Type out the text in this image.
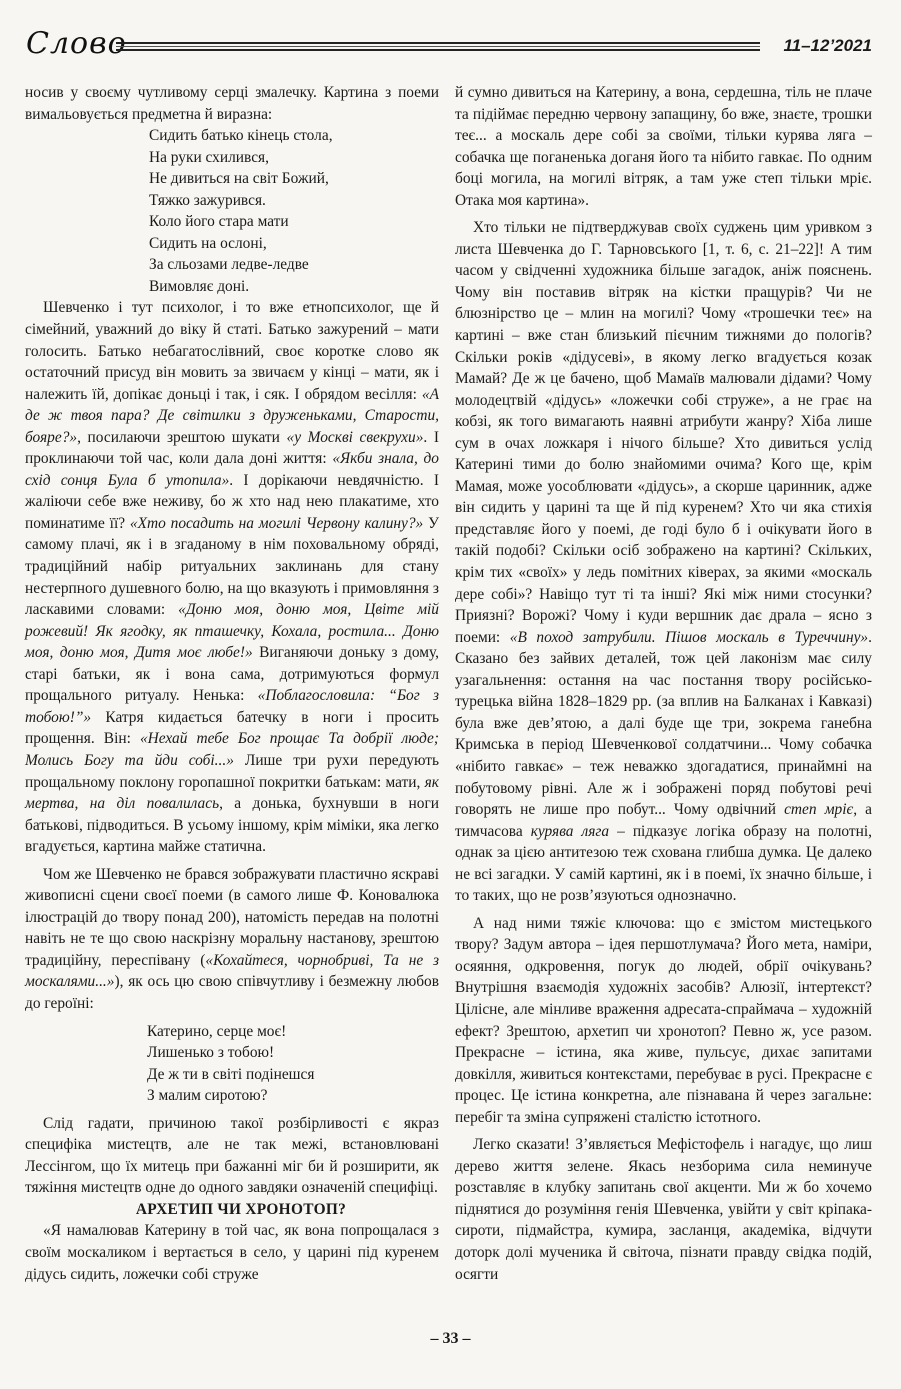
Слово	11–12’2021

носив у своєму чутливому серці змалечку. Картина з поеми вимальовується предметна й виразна:

Сидить батько кінець стола,
На руки схилився,
Не дивиться на світ Божий,
Тяжко зажурився.
Коло його стара мати
Сидить на ослоні,
За сльозами ледве-ледве
Вимовляє доні.

Шевченко і тут психолог, і то вже етнопсихолог, ще й сімейний, уважний до віку й статі. Батько зажурений – мати голосить. Батько небагатослівний, своє коротке слово як остаточний присуд він мовить за звичаєм у кінці – мати, як і належить їй, допікає доньці і так, і сяк. І обрядом весілля: «А де ж твоя пара? Де світилки з друженьками, Старости, бояре?», посилаючи зрештою шукати «у Москві свекрухи». І проклинаючи той час, коли дала доні життя: «Якби знала, до схід сонця Була б утопила». І дорікаючи невдячністю. І жаліючи себе вже неживу, бо ж хто над нею плакатиме, хто поминатиме її? «Хто посадить на могилі Червону калину?» У самому плачі, як і в згаданому в нім поховальному обряді, традиційний набір ритуальних заклинань для стану нестерпного душевного болю, на що вказують і примовляння з ласкавими словами: «Доню моя, доню моя, Цвіте мій рожевий! Як ягодку, як пташечку, Кохала, ростила... Доню моя, доню моя, Дитя моє любе!» Виганяючи доньку з дому, старі батьки, як і вона сама, дотримуються формул прощального ритуалу. Ненька: «Поблагословила: “Бог з тобою!”» Катря кидається батечку в ноги і просить прощення. Він: «Нехай тебе Бог прощає Та добрії люде; Молись Богу та йди собі...» Лише три рухи передують прощальному поклону горопашної покритки батькам: мати, як мертва, на діл повалилась, а донька, бухнувши в ноги батькові, підводиться. В усьому іншому, крім міміки, яка легко вгадується, картина майже статична.

Чом же Шевченко не брався зображувати пластично яскраві живописні сцени своєї поеми (в самого лише Ф. Коновалюка ілюстрацій до твору понад 200), натомість передав на полотні навіть не те що свою наскрізну моральну настанову, зрештою традиційну, переспівану («Кохайтеся, чорнобриві, Та не з москалями...»), як ось цю свою співчутливу і безмежну любов до героїні:

Катерино, серце моє!
Лишенько з тобою!
Де ж ти в світі подінешся
З малим сиротою?

Слід гадати, причиною такої розбірливості є якраз специфіка мистецтв, але не так межі, встановлювані Лессінгом, що їх митець при бажанні міг би й розширити, як тяжіння мистецтв одне до одного завдяки означеній специфіці.

АРХЕТИП ЧИ ХРОНОТОП?

«Я намалював Катерину в той час, як вона попрощалася з своїм москаликом і вертається в село, у царині під куренем дідусь сидить, ложечки собі струже

й сумно дивиться на Катерину, а вона, сердешна, тіль не плаче та підіймає передню червону запащину, бо вже, знаєте, трошки теє... а москаль дере собі за своїми, тільки курява ляга – собачка ще поганенька доганя його та нібито гавкає. По одним боці могила, на могилі вітряк, а там уже степ тільки мріє. Отака моя картина».

Хто тільки не підтверджував своїх суджень цим уривком з листа Шевченка до Г. Тарновського [1, т. 6, с. 21–22]! А тим часом у свідченні художника більше загадок, аніж пояснень. Чому він поставив вітряк на кістки пращурів? Чи не блюзнірство це – млин на могилі? Чому «трошечки теє» на картині – вже стан близький пієчним тижнями до пологів? Скільки років «дідусеві», в якому легко вгадується козак Мамай? Де ж це бачено, щоб Мамаїв малювали дідами? Чому молодецтвій «дідусь» «ложечки собі струже», а не грає на кобзі, як того вимагають наявні атрибути жанру? Хіба лише сум в очах ложкаря і нічого більше? Хто дивиться услід Катерині тими до болю знайомими очима? Кого ще, крім Мамая, може уособлювати «дідусь», а скорше царинник, адже він сидить у царині та ще й під куренем? Хто чи яка стихія представляє його у поемі, де годі було б і очікувати його в такій подобі? Скільки осіб зображено на картині? Скільких, крім тих «своїх» у ледь помітних ківерах, за якими «москаль дере собі»? Навіщо тут ті та інші? Які між ними стосунки? Приязні? Ворожі? Чому і куди вершник дає драла – ясно з поеми: «В поход затрубили. Пішов москаль в Туреччину». Сказано без зайвих деталей, тож цей лаконізм має силу узагальнення: остання на час постання твору російсько-турецька війна 1828–1829 рр. (за вплив на Балканах і Кавказі) була вже дев’ятою, а далі буде ще три, зокрема ганебна Кримська в період Шевченкової солдатчини... Чому собачка «нібито гавкає» – теж неважко здогадатися, принаймні на побутовому рівні. Але ж і зображені поряд побутові речі говорять не лише про побут... Чому одвічний степ мріє, а тимчасова курява ляга – підказує логіка образу на полотні, однак за цією антитезою теж схована глибша думка. Це далеко не всі загадки. У самій картині, як і в поемі, їх значно більше, і то таких, що не розв’язуються однозначно.

А над ними тяжіє ключова: що є змістом мистецького твору? Задум автора – ідея першотлумача? Його мета, наміри, осяяння, одкровення, погук до людей, обрії очікувань? Внутрішня взаємодія художніх засобів? Алюзії, інтертекст? Цілісне, але мінливе враження адресата-спраймача – художній ефект? Зрештою, архетип чи хронотоп? Певно ж, усе разом. Прекрасне – істина, яка живе, пульсує, дихає запитами довкілля, живиться контекстами, перебуває в русі. Прекрасне є процес. Це істина конкретна, але пізнавана й через загальне: перебіг та зміна супряжені сталістю істотного.

Легко сказати! З’являється Мефістофель і нагадує, що лиш дерево життя зелене. Якась незборима сила неминуче розставляє в клубку запитань свої акценти. Ми ж бо хочемо піднятися до розуміння генія Шевченка, увійти у світ кріпака-сироти, підмайстра, кумира, засланця, академіка, відчути доторк долі мученика й світоча, пізнати правду свідка подій, осягти

– 33 –
